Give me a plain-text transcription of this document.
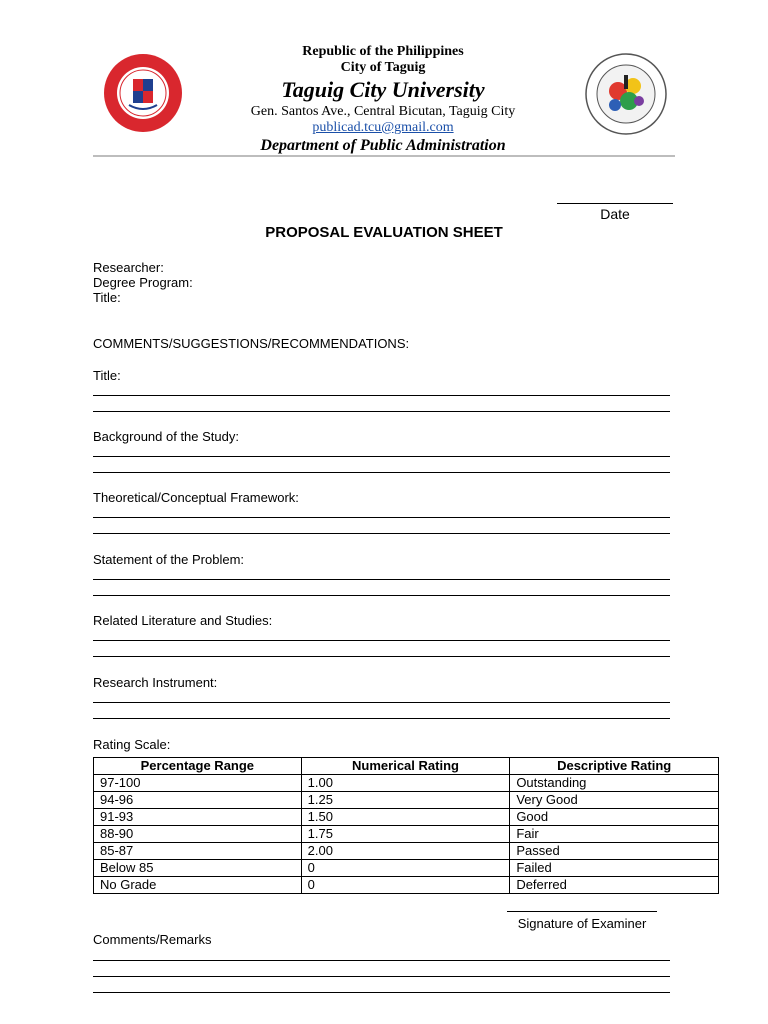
Republic of the Philippines
City of Taguig
Taguig City University
Gen. Santos Ave., Central Bicutan, Taguig City
publicad.tcu@gmail.com
Department of Public Administration
Date
PROPOSAL EVALUATION SHEET
Researcher:
Degree Program:
Title:
COMMENTS/SUGGESTIONS/RECOMMENDATIONS:
Title:
Background of the Study:
Theoretical/Conceptual Framework:
Statement of the Problem:
Related Literature and Studies:
Research Instrument:
Rating Scale:
Percentage Range	Numerical Rating	Descriptive Rating
97-100	1.00	Outstanding
94-96	1.25	Very Good
91-93	1.50	Good
88-90	1.75	Fair
85-87	2.00	Passed
Below 85	0	Failed
No Grade	0	Deferred
Signature of Examiner
Comments/Remarks
